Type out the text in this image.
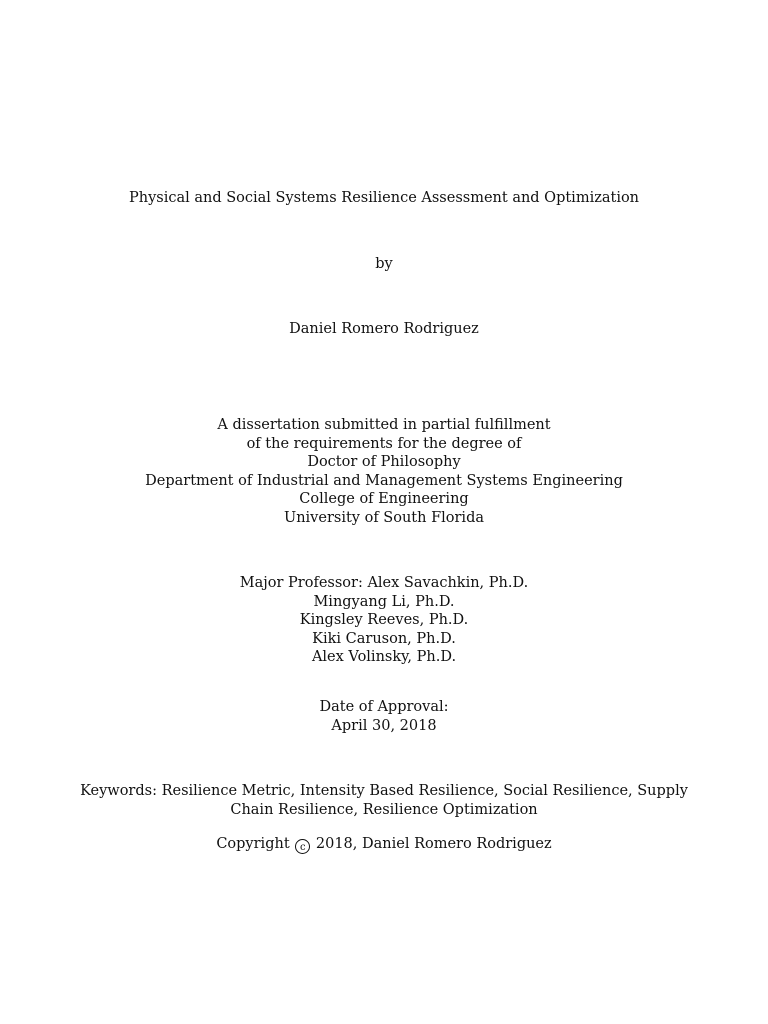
Physical and Social Systems Resilience Assessment and Optimization
by
Daniel Romero Rodriguez
A dissertation submitted in partial fulfillment
of the requirements for the degree of
Doctor of Philosophy
Department of Industrial and Management Systems Engineering
College of Engineering
University of South Florida
Major Professor: Alex Savachkin, Ph.D.
Mingyang Li, Ph.D.
Kingsley Reeves, Ph.D.
Kiki Caruson, Ph.D.
Alex Volinsky, Ph.D.
Date of Approval:
April 30, 2018
Keywords: Resilience Metric, Intensity Based Resilience, Social Resilience, Supply Chain Resilience, Resilience Optimization
Copyright c 2018, Daniel Romero Rodriguez
